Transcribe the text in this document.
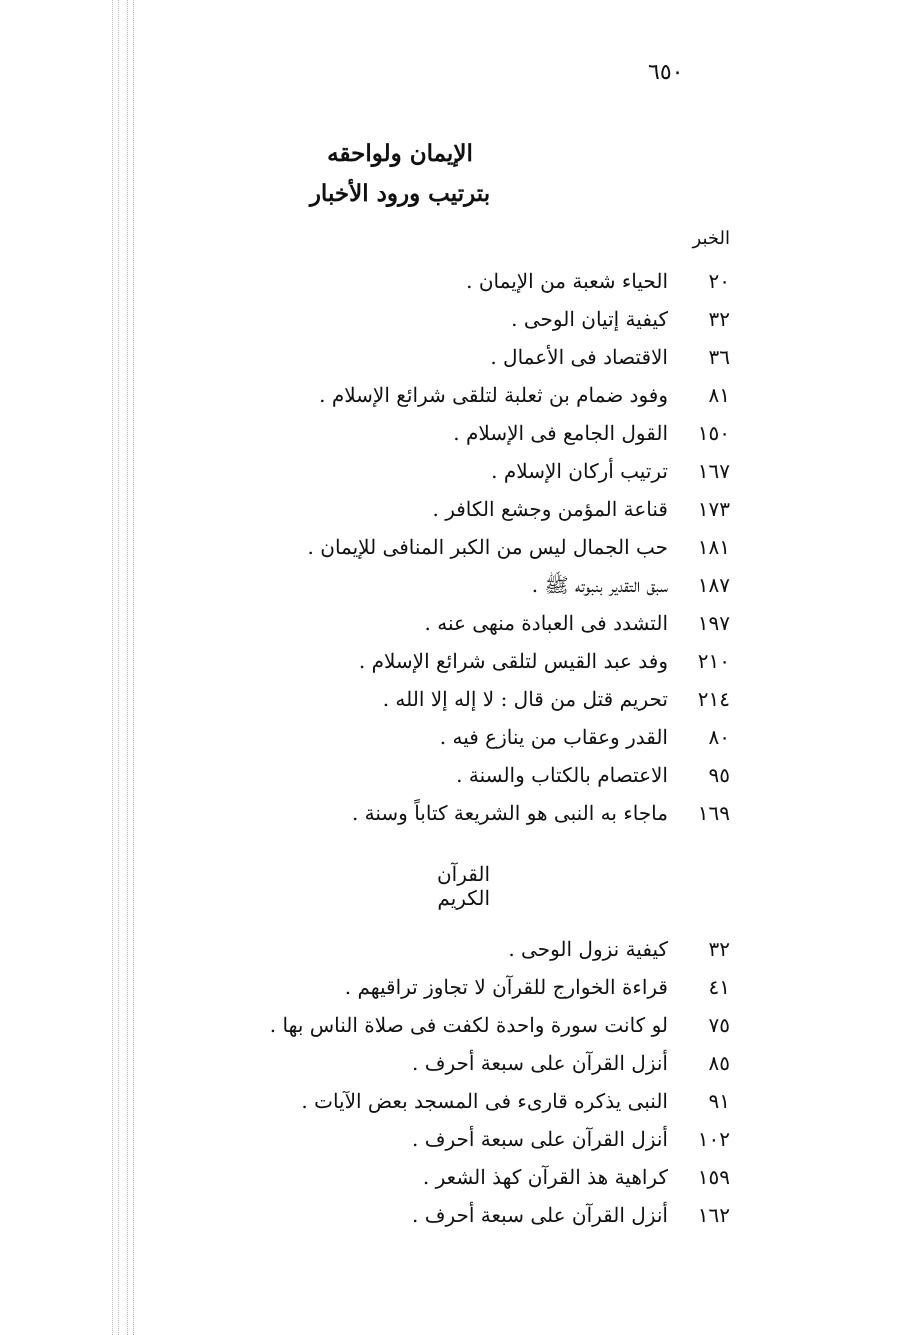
٦٥٠
الإيمان ولواحقه
بترتيب ورود الأخبار
الخبر
٢٠الحياء شعبة من الإيمان .
٣٢كيفية إتيان الوحى .
٣٦الاقتصاد فى الأعمال .
٨١وفود ضمام بن ثعلبة لتلقى شرائع الإسلام .
١٥٠القول الجامع فى الإسلام .
١٦٧ترتيب أركان الإسلام .
١٧٣قناعة المؤمن وجشع الكافر .
١٨١حب الجمال ليس من الكبر المنافى للإيمان .
١٨٧سبق التقدير بنبوته ﷺ .
١٩٧التشدد فى العبادة منهى عنه .
٢١٠وفد عبد القيس لتلقى شرائع الإسلام .
٢١٤تحريم قتل من قال : لا إله إلا الله .
٨٠القدر وعقاب من ينازع فيه .
٩٥الاعتصام بالكتاب والسنة .
١٦٩ماجاء به النبى هو الشريعة كتاباً وسنة .
القرآن الكريم
٣٢كيفية نزول الوحى .
٤١قراءة الخوارج للقرآن لا تجاوز تراقيهم .
٧٥لو كانت سورة واحدة لكفت فى صلاة الناس بها .
٨٥أنزل القرآن على سبعة أحرف .
٩١النبى يذكره قارىء فى المسجد بعض الآيات .
١٠٢أنزل القرآن على سبعة أحرف .
١٥٩كراهية هذ القرآن كهذ الشعر .
١٦٢أنزل القرآن على سبعة أحرف .
